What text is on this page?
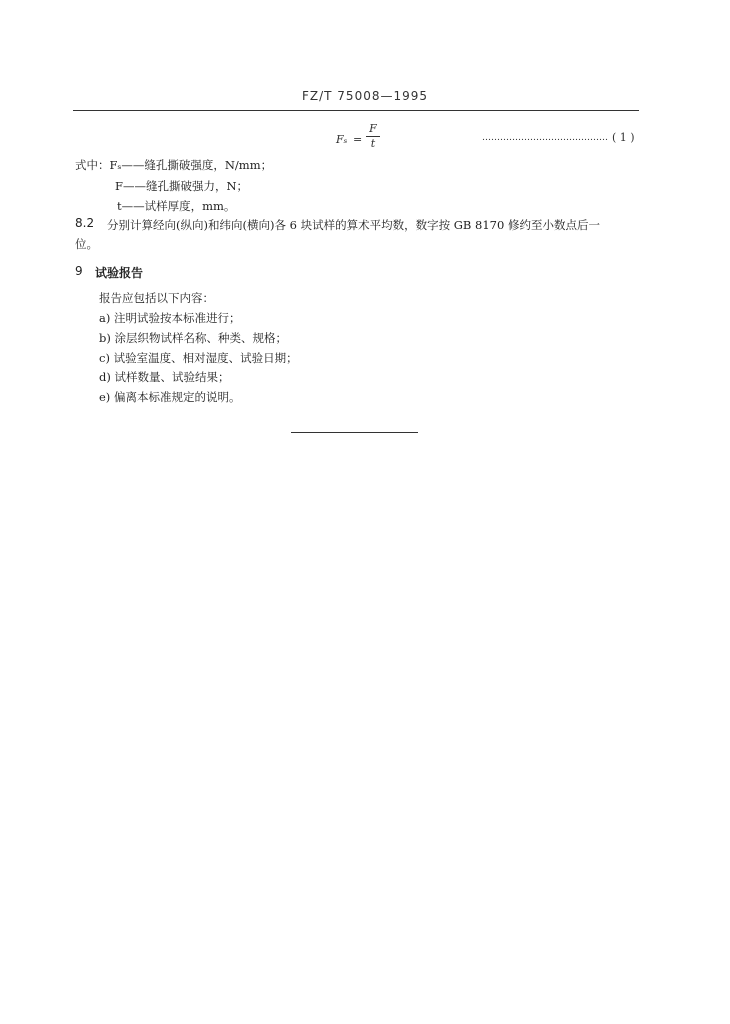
FZ/T 75008—1995
Fₛ =
F
t	…………………………………… ( 1 )
式中：Fₛ——缝孔撕破强度，N/mm；
F——缝孔撕破强力，N；
t——试样厚度，mm。
8.2 分别计算经向(纵向)和纬向(横向)各 6 块试样的算术平均数，数字按 GB 8170 修约至小数点后一
位。
9 试验报告
报告应包括以下内容：
a) 注明试验按本标准进行；
b) 涂层织物试样名称、种类、规格；
c) 试验室温度、相对湿度、试验日期；
d) 试样数量、试验结果；
e) 偏离本标准规定的说明。
